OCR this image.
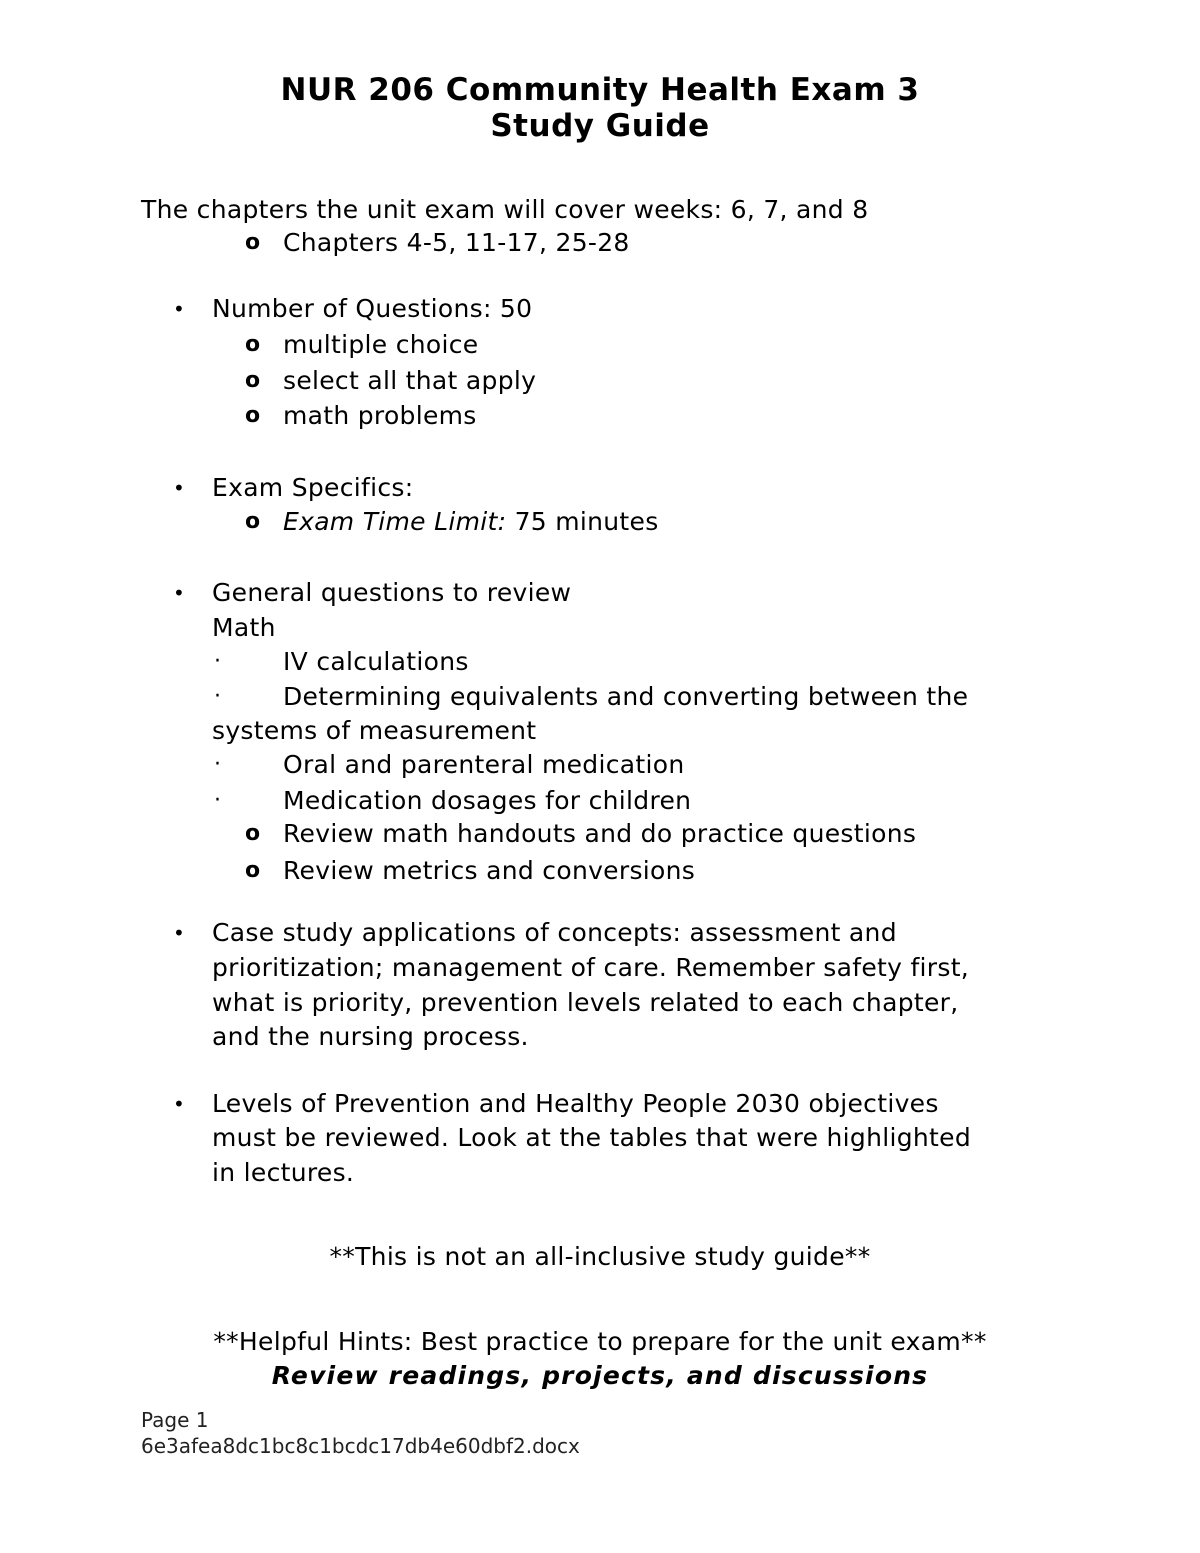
NUR 206 Community Health Exam 3
Study Guide
The chapters the unit exam will cover weeks: 6, 7, and 8
o Chapters 4-5, 11-17, 25-28
• Number of Questions: 50
o multiple choice
o select all that apply
o math problems
• Exam Specifics:
o Exam Time Limit: 75 minutes
• General questions to review
Math
· IV calculations
· Determining equivalents and converting between the
systems of measurement
· Oral and parenteral medication
· Medication dosages for children
o Review math handouts and do practice questions
o Review metrics and conversions
• Case study applications of concepts: assessment and
prioritization; management of care. Remember safety first,
what is priority, prevention levels related to each chapter,
and the nursing process.
• Levels of Prevention and Healthy People 2030 objectives
must be reviewed. Look at the tables that were highlighted
in lectures.
**This is not an all-inclusive study guide**
**Helpful Hints: Best practice to prepare for the unit exam**
Review readings, projects, and discussions
Page 1
6e3afea8dc1bc8c1bcdc17db4e60dbf2.docx
